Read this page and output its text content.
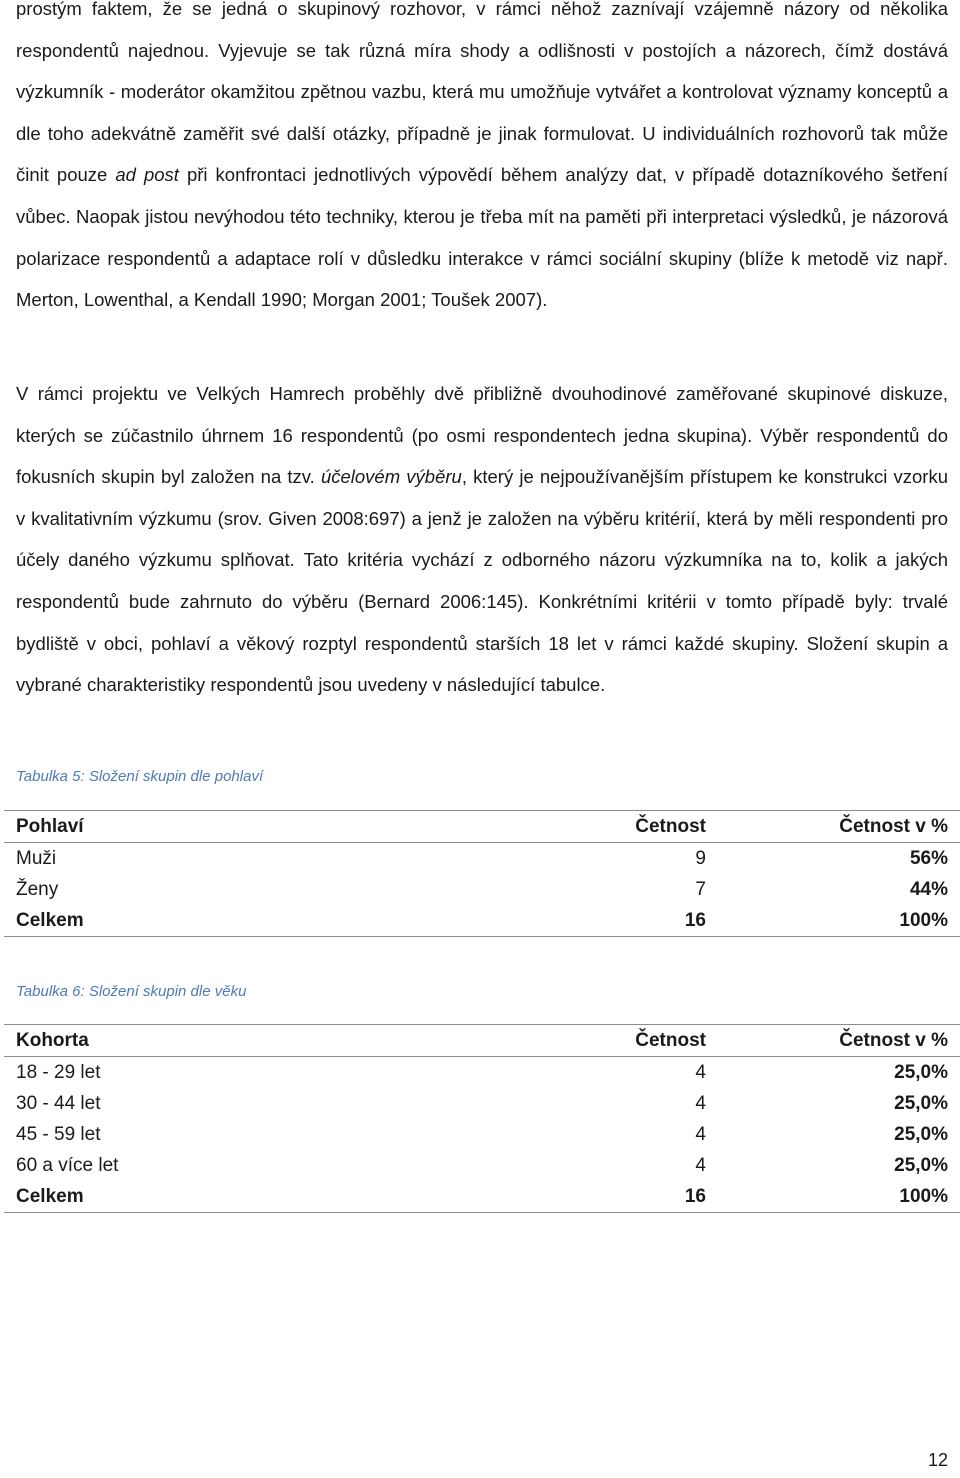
prostým faktem, že se jedná o skupinový rozhovor, v rámci něhož zaznívají vzájemně názory od několika respondentů najednou. Vyjevuje se tak různá míra shody a odlišnosti v postojích a názorech, čímž dostává výzkumník - moderátor okamžitou zpětnou vazbu, která mu umožňuje vytvářet a kontrolovat významy konceptů a dle toho adekvátně zaměřit své další otázky, případně je jinak formulovat. U individuálních rozhovorů tak může činit pouze ad post při konfrontaci jednotlivých výpovědí během analýzy dat, v případě dotazníkového šetření vůbec. Naopak jistou nevýhodou této techniky, kterou je třeba mít na paměti při interpretaci výsledků, je názorová polarizace respondentů a adaptace rolí v důsledku interakce v rámci sociální skupiny (blíže k metodě viz např. Merton, Lowenthal, a Kendall 1990; Morgan 2001; Toušek 2007).

V rámci projektu ve Velkých Hamrech proběhly dvě přibližně dvouhodinové zaměřované skupinové diskuze, kterých se zúčastnilo úhrnem 16 respondentů (po osmi respondentech jedna skupina). Výběr respondentů do fokusních skupin byl založen na tzv. účelovém výběru, který je nejpoužívanějším přístupem ke konstrukci vzorku v kvalitativním výzkumu (srov. Given 2008:697) a jenž je založen na výběru kritérií, která by měli respondenti pro účely daného výzkumu splňovat. Tato kritéria vychází z odborného názoru výzkumníka na to, kolik a jakých respondentů bude zahrnuto do výběru (Bernard 2006:145). Konkrétními kritérii v tomto případě byly: trvalé bydliště v obci, pohlaví a věkový rozptyl respondentů starších 18 let v rámci každé skupiny. Složení skupin a vybrané charakteristiky respondentů jsou uvedeny v následující tabulce.

Tabulka 5: Složení skupin dle pohlaví

Pohlaví	Četnost	Četnost v %
Muži	9	56%
Ženy	7	44%
Celkem	16	100%

Tabulka 6: Složení skupin dle věku

Kohorta	Četnost	Četnost v %
18 - 29 let	4	25,0%
30 - 44 let	4	25,0%
45 - 59 let	4	25,0%
60 a více let	4	25,0%
Celkem	16	100%

12
